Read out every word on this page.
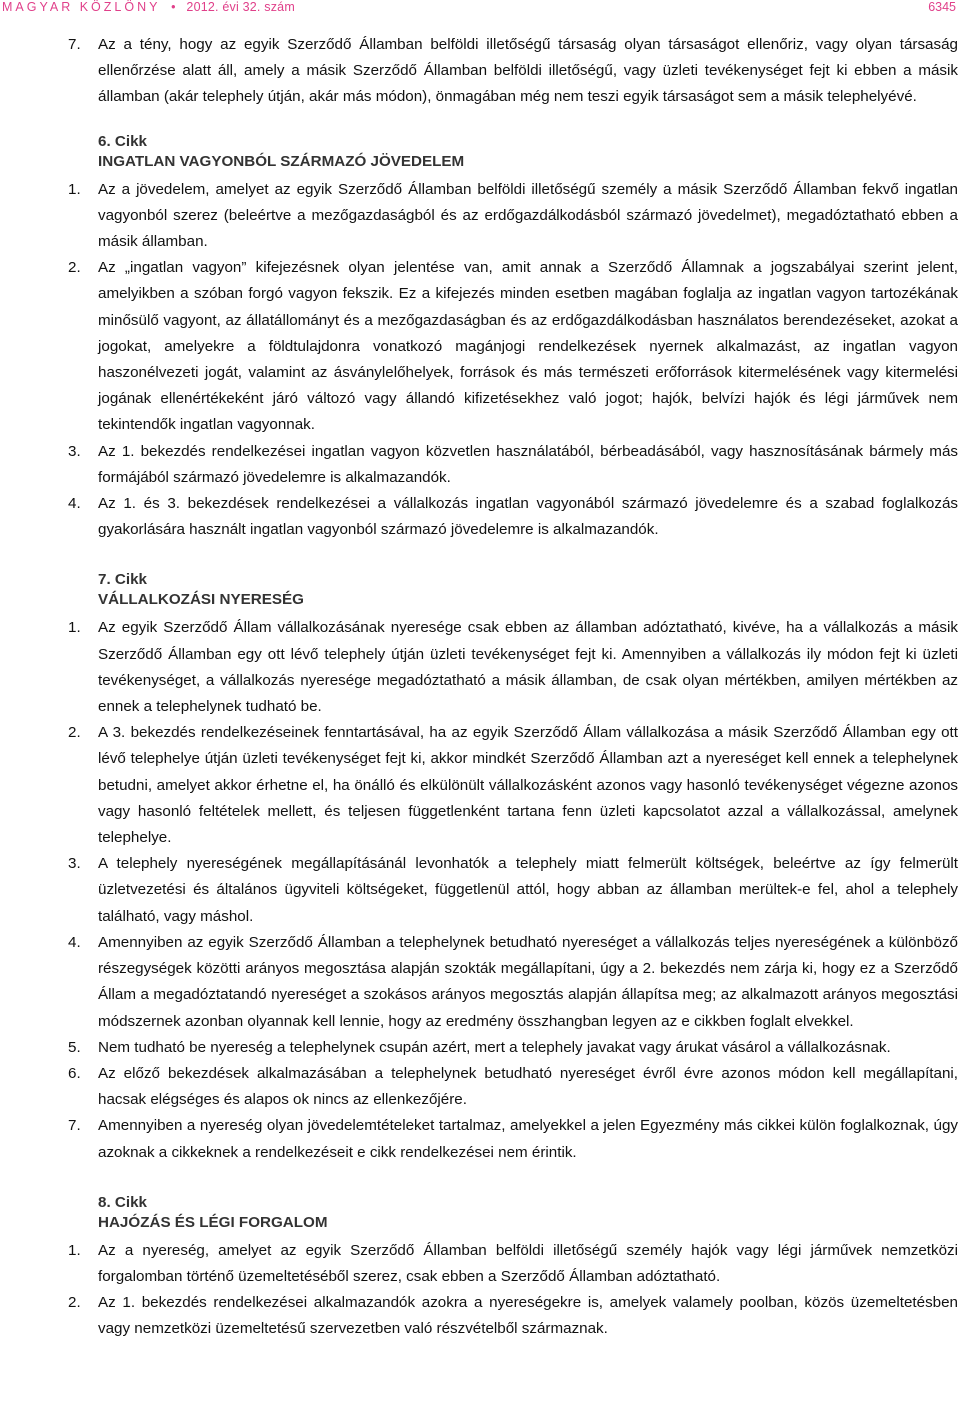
MAGYAR KÖZLÖNY • 2012. évi 32. szám	6345
7. Az a tény, hogy az egyik Szerződő Államban belföldi illetőségű társaság olyan társaságot ellenőriz, vagy olyan társaság ellenőrzése alatt áll, amely a másik Szerződő Államban belföldi illetőségű, vagy üzleti tevékenységet fejt ki ebben a másik államban (akár telephely útján, akár más módon), önmagában még nem teszi egyik társaságot sem a másik telephelyévé.
6. Cikk
INGATLAN VAGYONBÓL SZÁRMAZÓ JÖVEDELEM
1. Az a jövedelem, amelyet az egyik Szerződő Államban belföldi illetőségű személy a másik Szerződő Államban fekvő ingatlan vagyonból szerez (beleértve a mezőgazdaságból és az erdőgazdálkodásból származó jövedelmet), megadóztatható ebben a másik államban.
2. Az „ingatlan vagyon” kifejezésnek olyan jelentése van, amit annak a Szerződő Államnak a jogszabályai szerint jelent, amelyikben a szóban forgó vagyon fekszik. Ez a kifejezés minden esetben magában foglalja az ingatlan vagyon tartozékának minősülő vagyont, az állatállományt és a mezőgazdaságban és az erdőgazdálkodásban használatos berendezéseket, azokat a jogokat, amelyekre a földtulajdonra vonatkozó magánjogi rendelkezések nyernek alkalmazást, az ingatlan vagyon haszonélvezeti jogát, valamint az ásványlelőhelyek, források és más természeti erőforrások kitermelésének vagy kitermelési jogának ellenértékeként járó változó vagy állandó kifizetésekhez való jogot; hajók, belvízi hajók és légi járművek nem tekintendők ingatlan vagyonnak.
3. Az 1. bekezdés rendelkezései ingatlan vagyon közvetlen használatából, bérbeadásából, vagy hasznosításának bármely más formájából származó jövedelemre is alkalmazandók.
4. Az 1. és 3. bekezdések rendelkezései a vállalkozás ingatlan vagyonából származó jövedelemre és a szabad foglalkozás gyakorlására használt ingatlan vagyonból származó jövedelemre is alkalmazandók.
7. Cikk
VÁLLALKOZÁSI NYERESÉG
1. Az egyik Szerződő Állam vállalkozásának nyeresége csak ebben az államban adóztatható, kivéve, ha a vállalkozás a másik Szerződő Államban egy ott lévő telephely útján üzleti tevékenységet fejt ki. Amennyiben a vállalkozás ily módon fejt ki üzleti tevékenységet, a vállalkozás nyeresége megadóztatható a másik államban, de csak olyan mértékben, amilyen mértékben az ennek a telephelynek tudható be.
2. A 3. bekezdés rendelkezéseinek fenntartásával, ha az egyik Szerződő Állam vállalkozása a másik Szerződő Államban egy ott lévő telephelye útján üzleti tevékenységet fejt ki, akkor mindkét Szerződő Államban azt a nyereséget kell ennek a telephelynek betudni, amelyet akkor érhetne el, ha önálló és elkülönült vállalkozásként azonos vagy hasonló tevékenységet végezne azonos vagy hasonló feltételek mellett, és teljesen függetlenként tartana fenn üzleti kapcsolatot azzal a vállalkozással, amelynek telephelye.
3. A telephely nyereségének megállapításánál levonhatók a telephely miatt felmerült költségek, beleértve az így felmerült üzletvezetési és általános ügyviteli költségeket, függetlenül attól, hogy abban az államban merültek-e fel, ahol a telephely található, vagy máshol.
4. Amennyiben az egyik Szerződő Államban a telephelynek betudható nyereséget a vállalkozás teljes nyereségének a különböző részegységek közötti arányos megosztása alapján szokták megállapítani, úgy a 2. bekezdés nem zárja ki, hogy ez a Szerződő Állam a megadóztatandó nyereséget a szokásos arányos megosztás alapján állapítsa meg; az alkalmazott arányos megosztási módszernek azonban olyannak kell lennie, hogy az eredmény összhangban legyen az e cikkben foglalt elvekkel.
5. Nem tudható be nyereség a telephelynek csupán azért, mert a telephely javakat vagy árukat vásárol a vállalkozásnak.
6. Az előző bekezdések alkalmazásában a telephelynek betudható nyereséget évről évre azonos módon kell megállapítani, hacsak elégséges és alapos ok nincs az ellenkezőjére.
7. Amennyiben a nyereség olyan jövedelemtételeket tartalmaz, amelyekkel a jelen Egyezmény más cikkei külön foglalkoznak, úgy azoknak a cikkeknek a rendelkezéseit e cikk rendelkezései nem érintik.
8. Cikk
HAJÓZÁS ÉS LÉGI FORGALOM
1. Az a nyereség, amelyet az egyik Szerződő Államban belföldi illetőségű személy hajók vagy légi járművek nemzetközi forgalomban történő üzemeltetéséből szerez, csak ebben a Szerződő Államban adóztatható.
2. Az 1. bekezdés rendelkezései alkalmazandók azokra a nyereségekre is, amelyek valamely poolban, közös üzemeltetésben vagy nemzetközi üzemeltetésű szervezetben való részvételből származnak.
